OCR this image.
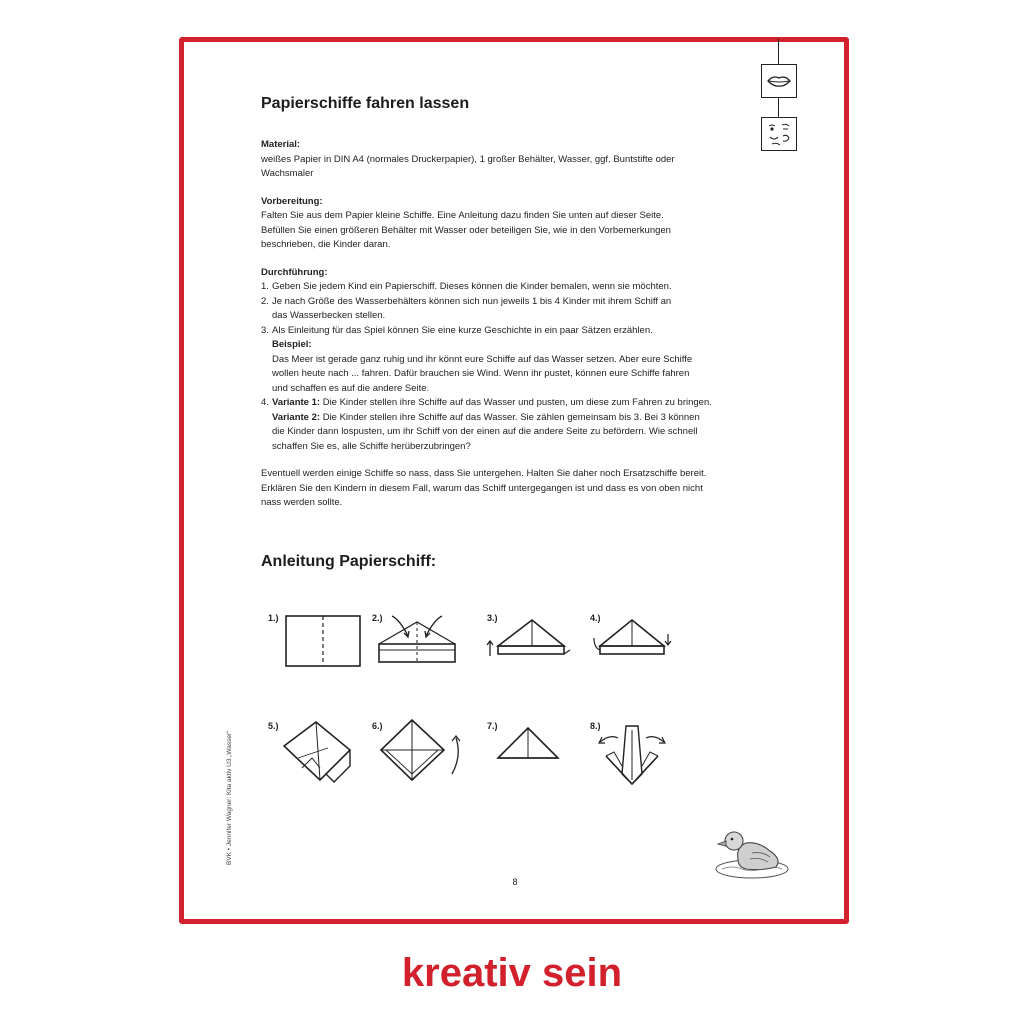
Papierschiffe fahren lassen

Material:

weißes Papier in DIN A4 (normales Druckerpapier), 1 großer Behälter, Wasser, ggf. Buntstifte oder

Wachsmaler

Vorbereitung:

Falten Sie aus dem Papier kleine Schiffe. Eine Anleitung dazu finden Sie unten auf dieser Seite.

Befüllen Sie einen größeren Behälter mit Wasser oder beteiligen Sie, wie in den Vorbemerkungen

beschrieben, die Kinder daran.

Durchführung:

1. Geben Sie jedem Kind ein Papierschiff. Dieses können die Kinder bemalen, wenn sie möchten.

2. Je nach Größe des Wasserbehälters können sich nun jeweils 1 bis 4 Kinder mit ihrem Schiff an

das Wasserbecken stellen.

3. Als Einleitung für das Spiel können Sie eine kurze Geschichte in ein paar Sätzen erzählen.

Beispiel:

Das Meer ist gerade ganz ruhig und ihr könnt eure Schiffe auf das Wasser setzen. Aber eure Schiffe

wollen heute nach ... fahren. Dafür brauchen sie Wind. Wenn ihr pustet, können eure Schiffe fahren

und schaffen es auf die andere Seite.

4. Variante 1: Die Kinder stellen ihre Schiffe auf das Wasser und pusten, um diese zum Fahren zu bringen.

Variante 2: Die Kinder stellen ihre Schiffe auf das Wasser. Sie zählen gemeinsam bis 3. Bei 3 können

die Kinder dann lospusten, um ihr Schiff von der einen auf die andere Seite zu befördern. Wie schnell

schaffen Sie es, alle Schiffe herüberzubringen?

Eventuell werden einige Schiffe so nass, dass Sie untergehen. Halten Sie daher noch Ersatzschiffe bereit.

Erklären Sie den Kindern in diesem Fall, warum das Schiff untergegangen ist und dass es von oben nicht

nass werden sollte.

Anleitung Papierschiff:
1.)	2.)	3.)	4.)
5.)	6.)	7.)	8.)
BVK • Jennifer Wagner: Kita aktiv U3 „Wasser“
8

kreativ sein
